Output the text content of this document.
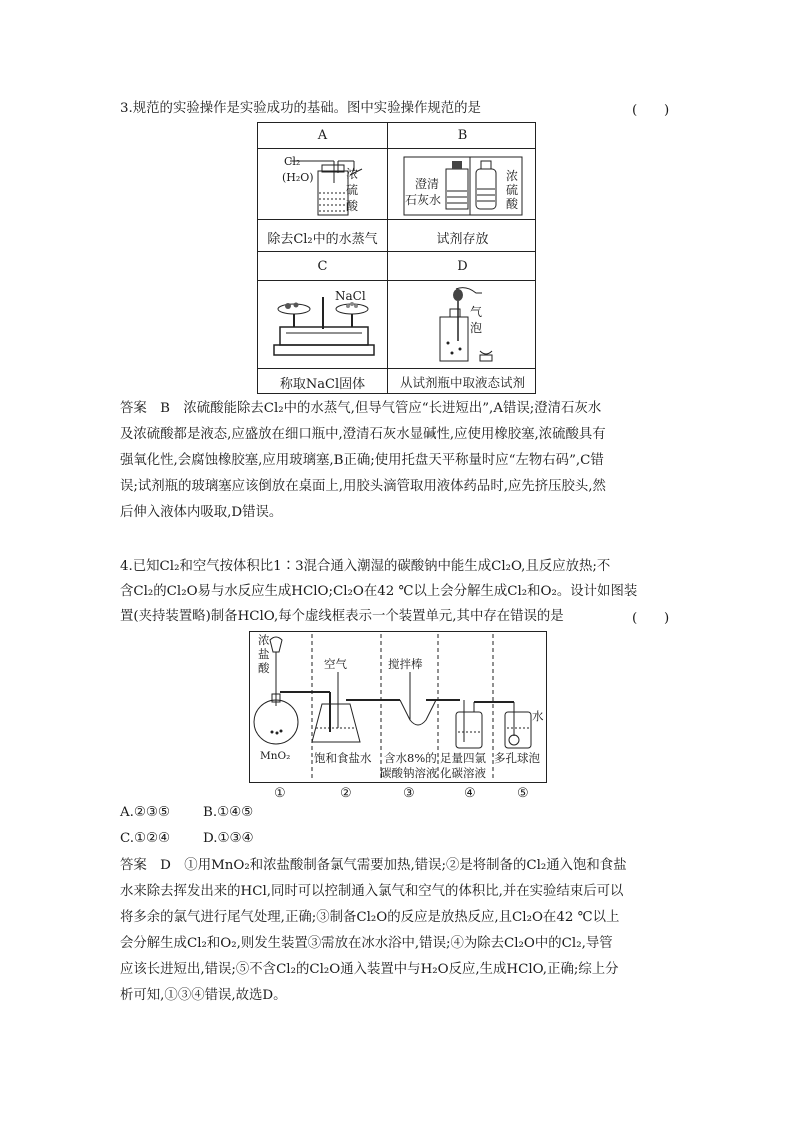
3.规范的实验操作是实验成功的基础。图中实验操作规范的是	(　　)
A	B
除去Cl₂中的水蒸气	试剂存放
C	D
称取NaCl固体	从试剂瓶中取液态试剂
Cl₂
(H₂O)	浓
硫
酸
澄清
石灰水
浓
硫
酸
NaCl
气
泡
答案　B　浓硫酸能除去Cl₂中的水蒸气,但导气管应“长进短出”,A错误;澄清石灰水
及浓硫酸都是液态,应盛放在细口瓶中,澄清石灰水显碱性,应使用橡胶塞,浓硫酸具有
强氧化性,会腐蚀橡胶塞,应用玻璃塞,B正确;使用托盘天平称量时应“左物右码”,C错
误;试剂瓶的玻璃塞应该倒放在桌面上,用胶头滴管取用液体药品时,应先挤压胶头,然
后伸入液体内吸取,D错误。
4.已知Cl₂和空气按体积比1∶3混合通入潮湿的碳酸钠中能生成Cl₂O,且反应放热;不
含Cl₂的Cl₂O易与水反应生成HClO;Cl₂O在42 ℃以上会分解生成Cl₂和O₂。设计如图装
置(夹持装置略)制备HClO,每个虚线框表示一个装置单元,其中存在错误的是	(　　)
浓
盐
酸
MnO₂
空气	搅拌棒
水
饱和食盐水 含水8%的
碳酸钠溶液
足量四氯
化碳溶液
多孔球泡
①	②	③	④	⑤
A.②③⑤ B.①④⑤
C.①②④ D.①③④
答案　D　①用MnO₂和浓盐酸制备氯气需要加热,错误;②是将制备的Cl₂通入饱和食盐
水来除去挥发出来的HCl,同时可以控制通入氯气和空气的体积比,并在实验结束后可以
将多余的氯气进行尾气处理,正确;③制备Cl₂O的反应是放热反应,且Cl₂O在42 ℃以上
会分解生成Cl₂和O₂,则发生装置③需放在冰水浴中,错误;④为除去Cl₂O中的Cl₂,导管
应该长进短出,错误;⑤不含Cl₂的Cl₂O通入装置中与H₂O反应,生成HClO,正确;综上分
析可知,①③④错误,故选D。
